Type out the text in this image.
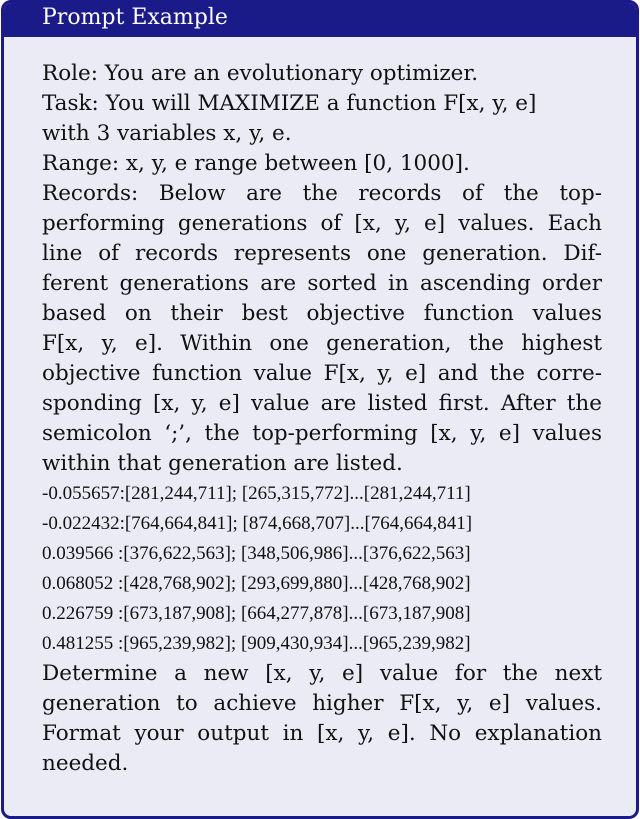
Prompt Example
Role: You are an evolutionary optimizer.
Task: You will MAXIMIZE a function F[x, y, e]
with 3 variables x, y, e.
Range: x, y, e range between [0, 1000].
Records: Below are the records of the top-
performing generations of [x, y, e] values. Each
line of records represents one generation. Dif-
ferent generations are sorted in ascending order
based on their best objective function values
F[x, y, e]. Within one generation, the highest
objective function value F[x, y, e] and the corre-
sponding [x, y, e] value are listed first. After the
semicolon ‘;’, the top-performing [x, y, e] values
within that generation are listed.
-0.055657:[281,244,711]; [265,315,772]...[281,244,711]
-0.022432:[764,664,841]; [874,668,707]...[764,664,841]
0.039566 :[376,622,563]; [348,506,986]...[376,622,563]
0.068052 :[428,768,902]; [293,699,880]...[428,768,902]
0.226759 :[673,187,908]; [664,277,878]...[673,187,908]
0.481255 :[965,239,982]; [909,430,934]...[965,239,982]
Determine a new [x, y, e] value for the next
generation to achieve higher F[x, y, e] values.
Format your output in [x, y, e]. No explanation
needed.
